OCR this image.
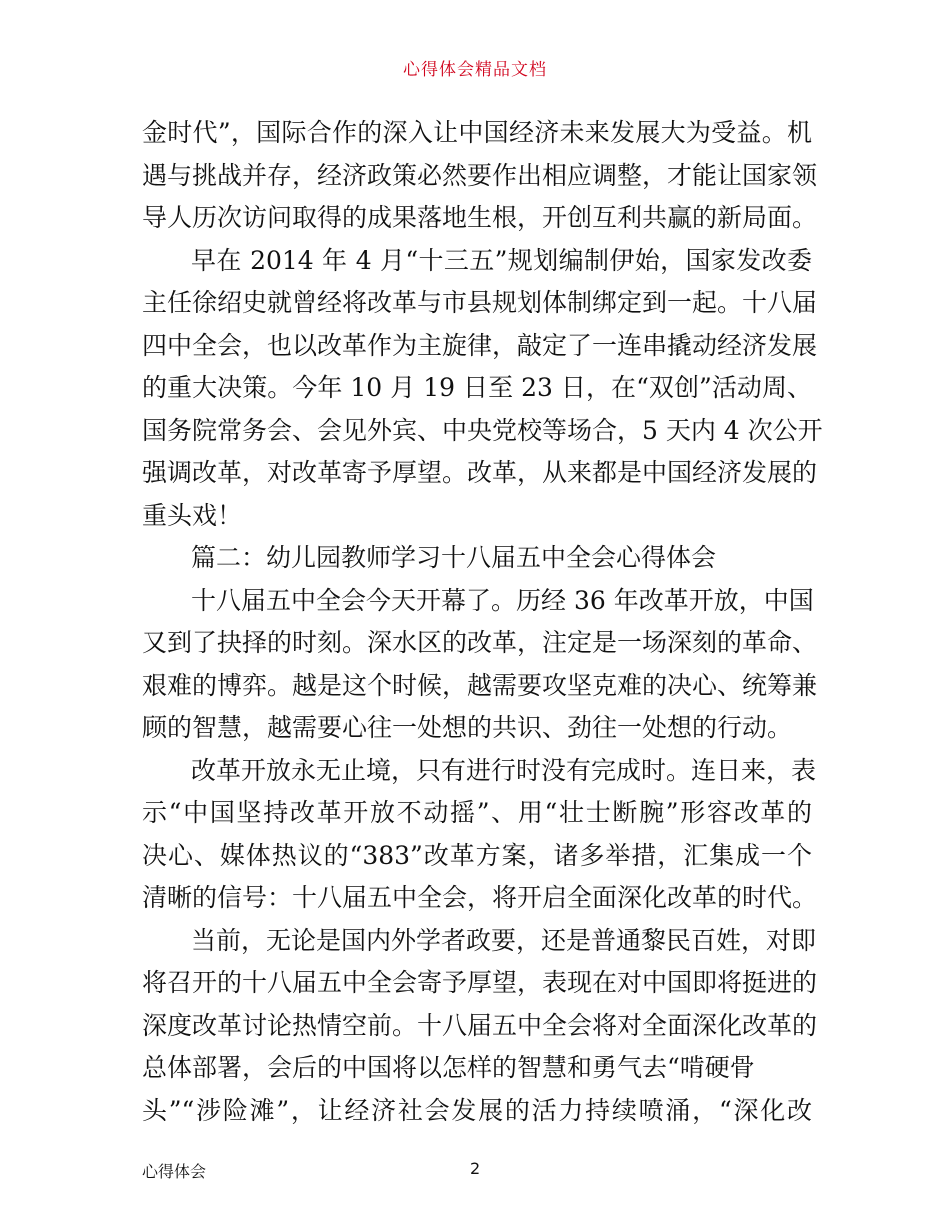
心得体会精品文档
金时代”，国际合作的深入让中国经济未来发展大为受益。机
遇与挑战并存，经济政策必然要作出相应调整，才能让国家领
导人历次访问取得的成果落地生根，开创互利共赢的新局面。
早在 2014 年 4 月“十三五”规划编制伊始，国家发改委
主任徐绍史就曾经将改革与市县规划体制绑定到一起。十八届
四中全会，也以改革作为主旋律，敲定了一连串撬动经济发展
的重大决策。今年 10 月 19 日至 23 日，在“双创”活动周、
国务院常务会、会见外宾、中央党校等场合，5 天内 4 次公开
强调改革，对改革寄予厚望。改革，从来都是中国经济发展的
重头戏！
篇二：幼儿园教师学习十八届五中全会心得体会
十八届五中全会今天开幕了。历经 36 年改革开放，中国
又到了抉择的时刻。深水区的改革，注定是一场深刻的革命、
艰难的博弈。越是这个时候，越需要攻坚克难的决心、统筹兼
顾的智慧，越需要心往一处想的共识、劲往一处想的行动。
改革开放永无止境，只有进行时没有完成时。连日来，表
示“中国坚持改革开放不动摇”、用“壮士断腕”形容改革的
决心、媒体热议的“383”改革方案，诸多举措，汇集成一个
清晰的信号：十八届五中全会，将开启全面深化改革的时代。
当前，无论是国内外学者政要，还是普通黎民百姓，对即
将召开的十八届五中全会寄予厚望，表现在对中国即将挺进的
深度改革讨论热情空前。十八届五中全会将对全面深化改革的
总体部署，会后的中国将以怎样的智慧和勇气去“啃硬骨
头”“涉险滩”，让经济社会发展的活力持续喷涌，“深化改
心得体会	2
